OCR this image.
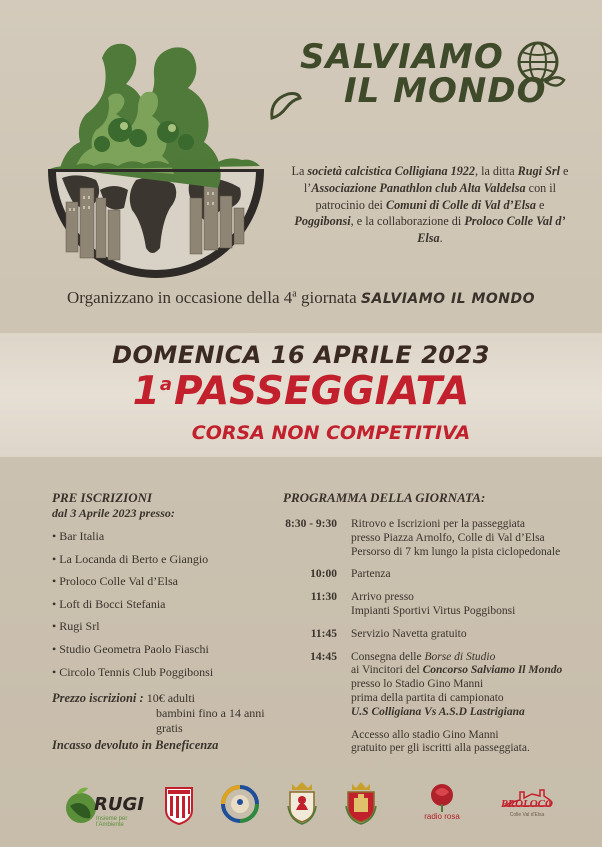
SALVIAMO
IL MONDO
La società calcistica Colligiana 1922, la ditta Rugi Srl e l’Associazione Panathlon club Alta Valdelsa con il patrocinio dei Comuni di Colle di Val d’Elsa e Poggibonsi, e la collaborazione di Proloco Colle Val d’ Elsa.
Organizzano in occasione della 4$^a$ giornata SALVIAMO IL MONDO
DOMENICA 16 APRILE 2023
1$^a$PASSEGGIATA
CORSA NON COMPETITIVA

PRE ISCRIZIONI

dal 3 Aprile 2023 presso:

• Bar Italia
• La Locanda di Berto e Giangio
• Proloco Colle Val d’Elsa
• Loft di Bocci Stefania
• Rugi Srl
• Studio Geometra Paolo Fiaschi
• Circolo Tennis Club Poggibonsi
Prezzo iscrizioni : 10€ adulti
bambini fino a 14 anni gratis
Incasso devoluto in Beneficenza

PROGRAMMA DELLA GIORNATA:

8:30 - 9:30	Ritrovo e Iscrizioni per la passeggiata
presso Piazza Arnolfo, Colle di Val d’Elsa
Persorso di 7 km lungo la pista ciclopedonale
10:00	Partenza
11:30	Arrivo presso
Impianti Sportivi Virtus Poggibonsi
11:45	Servizio Navetta gratuito
14:45	Consegna delle Borse di Studio
ai Vincitori del Concorso Salviamo Il Mondo
presso lo Stadio Gino Manni
prima della partita di campionato
U.S Colligiana Vs A.S.D Lastrigiana
Accesso allo stadio Gino Manni
gratuito per gli iscritti alla passeggiata.
RUGI
Insieme per l'Ambiente
radio rosa
PROLOCO
Colle Val d'Elsa
